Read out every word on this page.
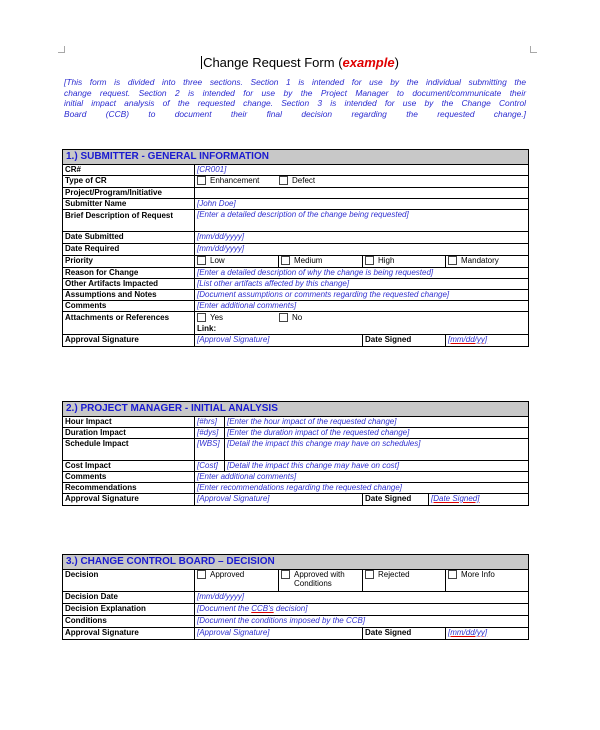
Change Request Form (example)
[This form is divided into three sections. Section 1 is intended for use by the individual submitting the
change request. Section 2 is intended for use by the Project Manager to document/communicate their
initial impact analysis of the requested change. Section 3 is intended for use by the Change Control
Board (CCB) to document their final decision regarding the requested change.]
1.) SUBMITTER - GENERAL INFORMATION				
CR#	[CR001]			
Type of CR	Enhancement Defect			
Project/Program/Initiative				
Submitter Name	[John Doe]			
Brief Description of Request	[Enter a detailed description of the change being requested]			
Date Submitted	[mm/dd/yyyy]			
Date Required	[mm/dd/yyyy]			
Priority	Low	Medium	High	Mandatory
Reason for Change	[Enter a detailed description of why the change is being requested]			
Other Artifacts Impacted	[List other artifacts affected by this change]			
Assumptions and Notes	[Document assumptions or comments regarding the requested change]			
Comments	[Enter additional comments]			
Attachments or References	Yes No
Link:			

Approval Signature	[Approval Signature]		Date Signed	[mm/dd/yy]
2.) PROJECT MANAGER - INITIAL ANALYSIS				
Hour Impact	[#hrs]	[Enter the hour impact of the requested change]		
Duration Impact	[#dys]	[Enter the duration impact of the requested change]		
Schedule Impact	[WBS]	[Detail the impact this change may have on schedules]		
Cost Impact	[Cost]	[Detail the impact this change may have on cost]		
Comments	[Enter additional comments]			
Recommendations	[Enter recommendations regarding the requested change]			
Approval Signature	[Approval Signature]		Date Signed	[Date Signed]
3.) CHANGE CONTROL BOARD – DECISION				
Decision	Approved	Approved with Conditions	Rejected	More Info
Decision Date	[mm/dd/yyyy]			
Decision Explanation	[Document the CCB's decision]			
Conditions	[Document the conditions imposed by the CCB]			
Approval Signature	[Approval Signature]		Date Signed	[mm/dd/yy]
